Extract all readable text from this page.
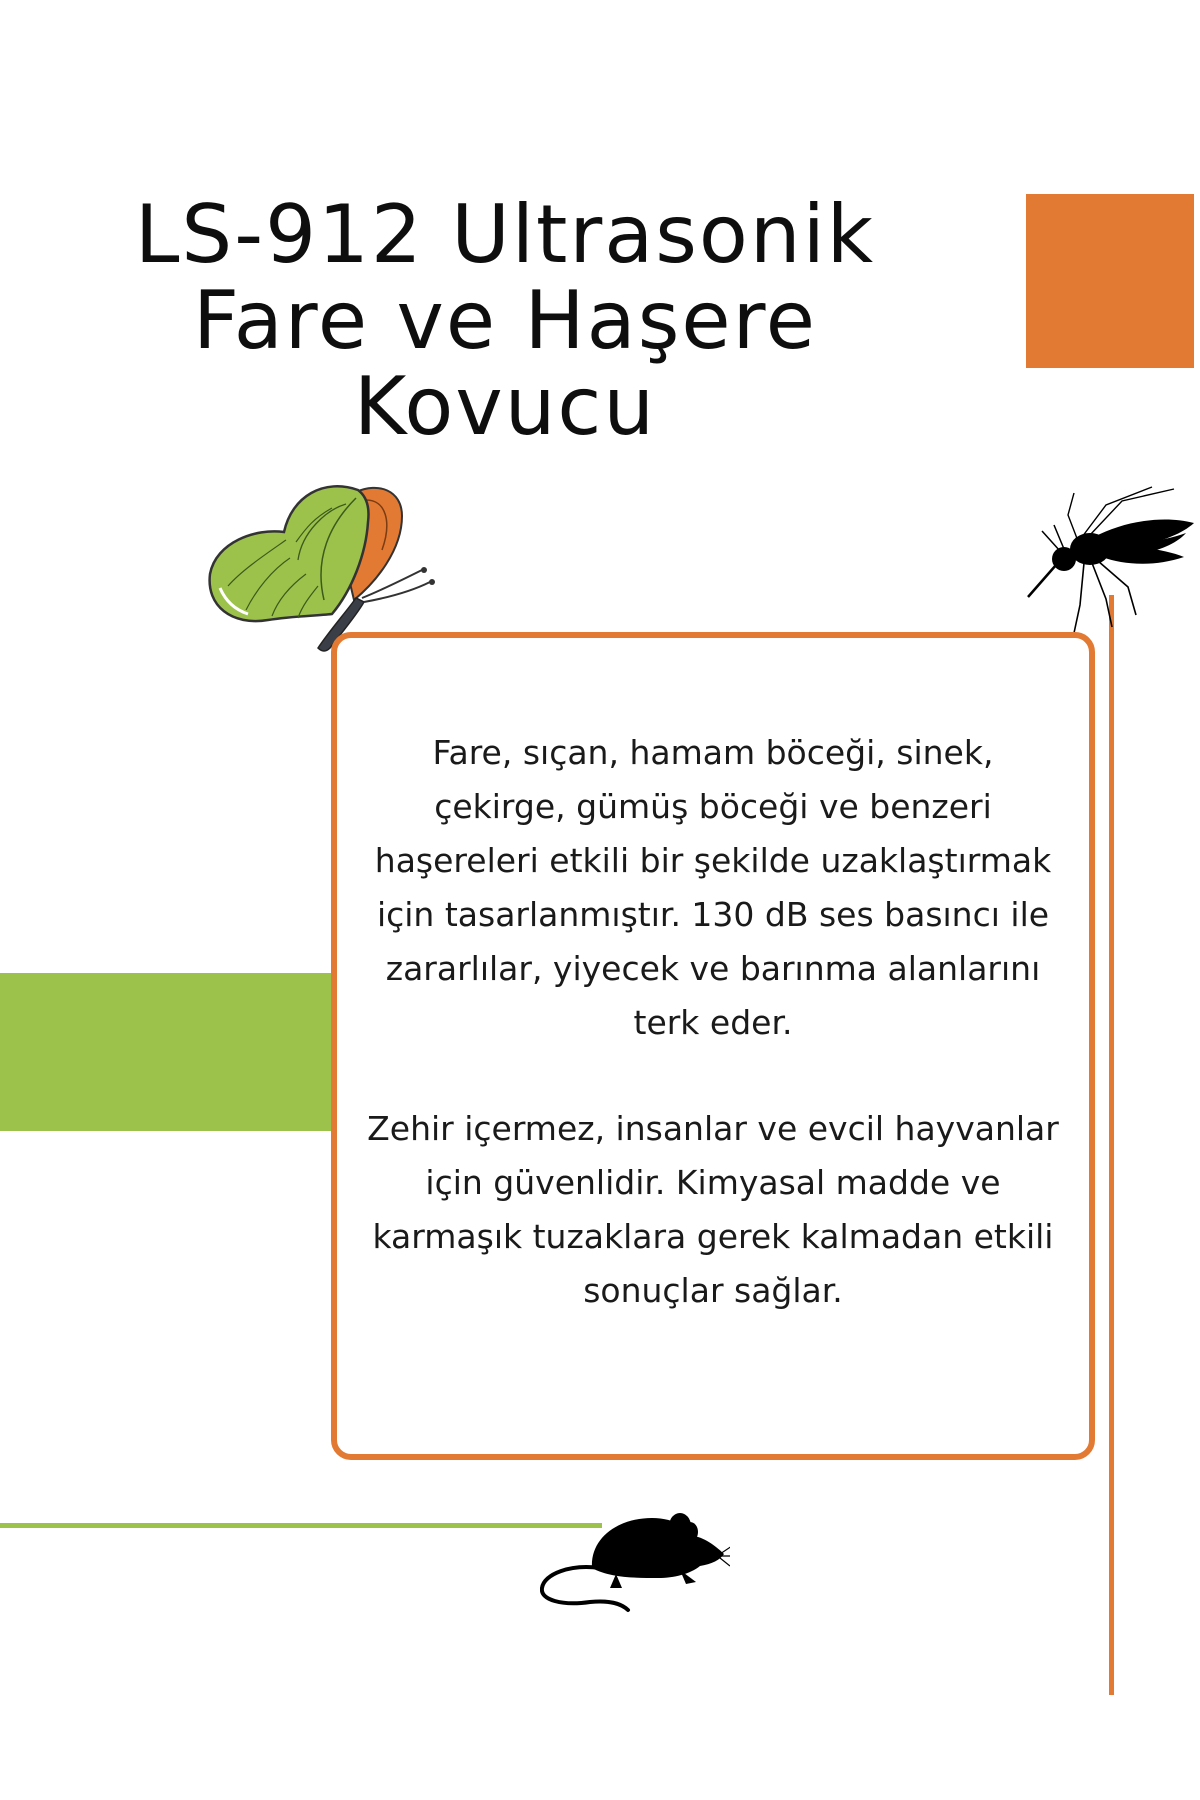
LS-912 Ultrasonik
Fare ve Haşere
Kovucu

Fare, sıçan, hamam böceği, sinek, çekirge, gümüş böceği ve benzeri haşereleri etkili bir şekilde uzaklaştırmak için tasarlanmıştır. 130 dB ses basıncı ile zararlılar, yiyecek ve barınma alanlarını terk eder.

Zehir içermez, insanlar ve evcil hayvanlar için güvenlidir. Kimyasal madde ve karmaşık tuzaklara gerek kalmadan etkili sonuçlar sağlar.
